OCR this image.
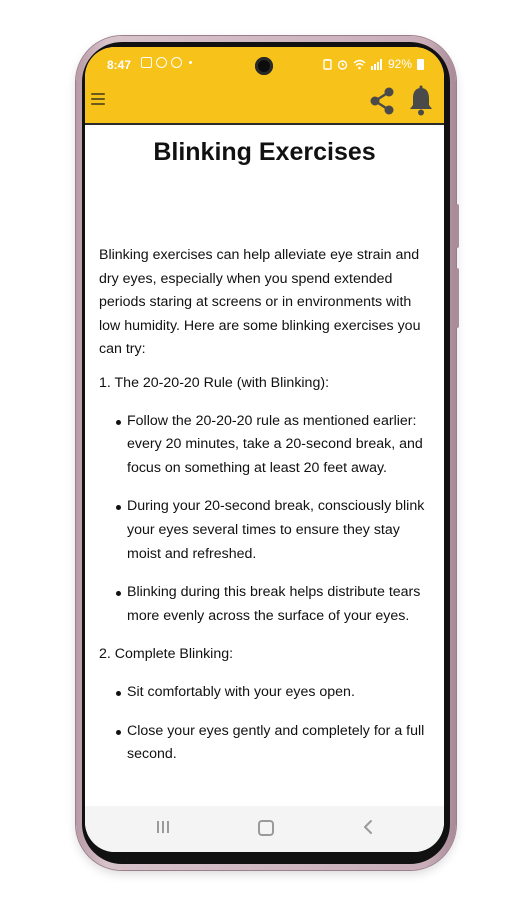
8:47	92%
Blinking Exercises

Blinking exercises can help alleviate eye strain and dry eyes, especially when you spend extended periods staring at screens or in environments with low humidity. Here are some blinking exercises you can try:

1. The 20-20-20 Rule (with Blinking):

Follow the 20-20-20 rule as mentioned earlier: every 20 minutes, take a 20-second break, and focus on something at least 20 feet away.
During your 20-second break, consciously blink your eyes several times to ensure they stay moist and refreshed.
Blinking during this break helps distribute tears more evenly across the surface of your eyes.

2. Complete Blinking:

Sit comfortably with your eyes open.
Close your eyes gently and completely for a full second.
